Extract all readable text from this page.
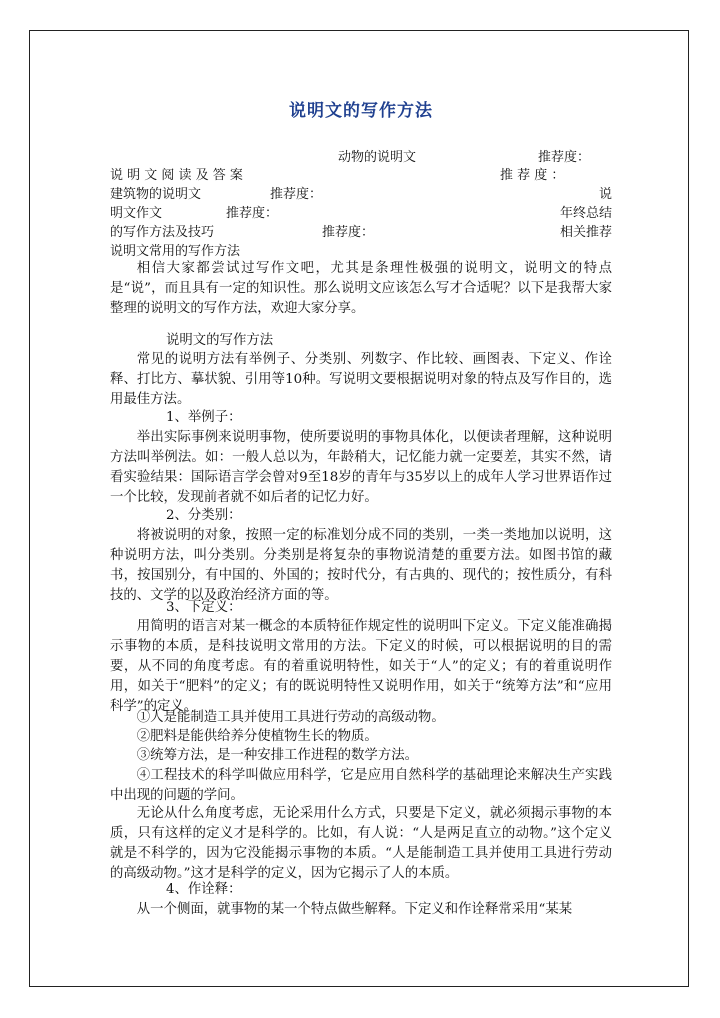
说明文的写作方法
动物的说明文	推荐度：
说 明 文 阅 读 及 答 案	推 荐 度 ：
建筑物的说明文	推荐度：	说
明文作文	推荐度：	年终总结
的写作方法及技巧	推荐度：	相关推荐
说明文常用的写作方法

相信大家都尝试过写作文吧，尤其是条理性极强的说明文，说明文的特点是“说”，而且具有一定的知识性。那么说明文应该怎么写才合适呢？以下是我帮大家整理的说明文的写作方法，欢迎大家分享。

说明文的写作方法

常见的说明方法有举例子、分类别、列数字、作比较、画图表、下定义、作诠释、打比方、摹状貌、引用等10种。写说明文要根据说明对象的特点及写作目的，选用最佳方法。

1、举例子：

举出实际事例来说明事物，使所要说明的事物具体化，以便读者理解，这种说明方法叫举例法。如：一般人总以为，年龄稍大，记忆能力就一定要差，其实不然，请看实验结果：国际语言学会曾对9至18岁的青年与35岁以上的成年人学习世界语作过一个比较，发现前者就不如后者的记忆力好。

2、分类别：

将被说明的对象，按照一定的标准划分成不同的类别，一类一类地加以说明，这种说明方法，叫分类别。分类别是将复杂的事物说清楚的重要方法。如图书馆的藏书，按国别分，有中国的、外国的；按时代分，有古典的、现代的；按性质分，有科技的、文学的以及政治经济方面的等。

3、下定义：

用简明的语言对某一概念的本质特征作规定性的说明叫下定义。下定义能准确揭示事物的本质，是科技说明文常用的方法。下定义的时候，可以根据说明的目的需要，从不同的角度考虑。有的着重说明特性，如关于“人”的定义；有的着重说明作用，如关于“肥料”的定义；有的既说明特性又说明作用，如关于“统筹方法”和“应用科学”的定义。

①人是能制造工具并使用工具进行劳动的高级动物。

②肥料是能供给养分使植物生长的物质。

③统筹方法，是一种安排工作进程的数学方法。

④工程技术的科学叫做应用科学，它是应用自然科学的基础理论来解决生产实践中出现的问题的学问。

无论从什么角度考虑，无论采用什么方式，只要是下定义，就必须揭示事物的本质，只有这样的定义才是科学的。比如，有人说：“人是两足直立的动物。”这个定义就是不科学的，因为它没能揭示事物的本质。“人是能制造工具并使用工具进行劳动的高级动物。”这才是科学的定义，因为它揭示了人的本质。

4、作诠释：

从一个侧面，就事物的某一个特点做些解释。下定义和作诠释常采用“某某
